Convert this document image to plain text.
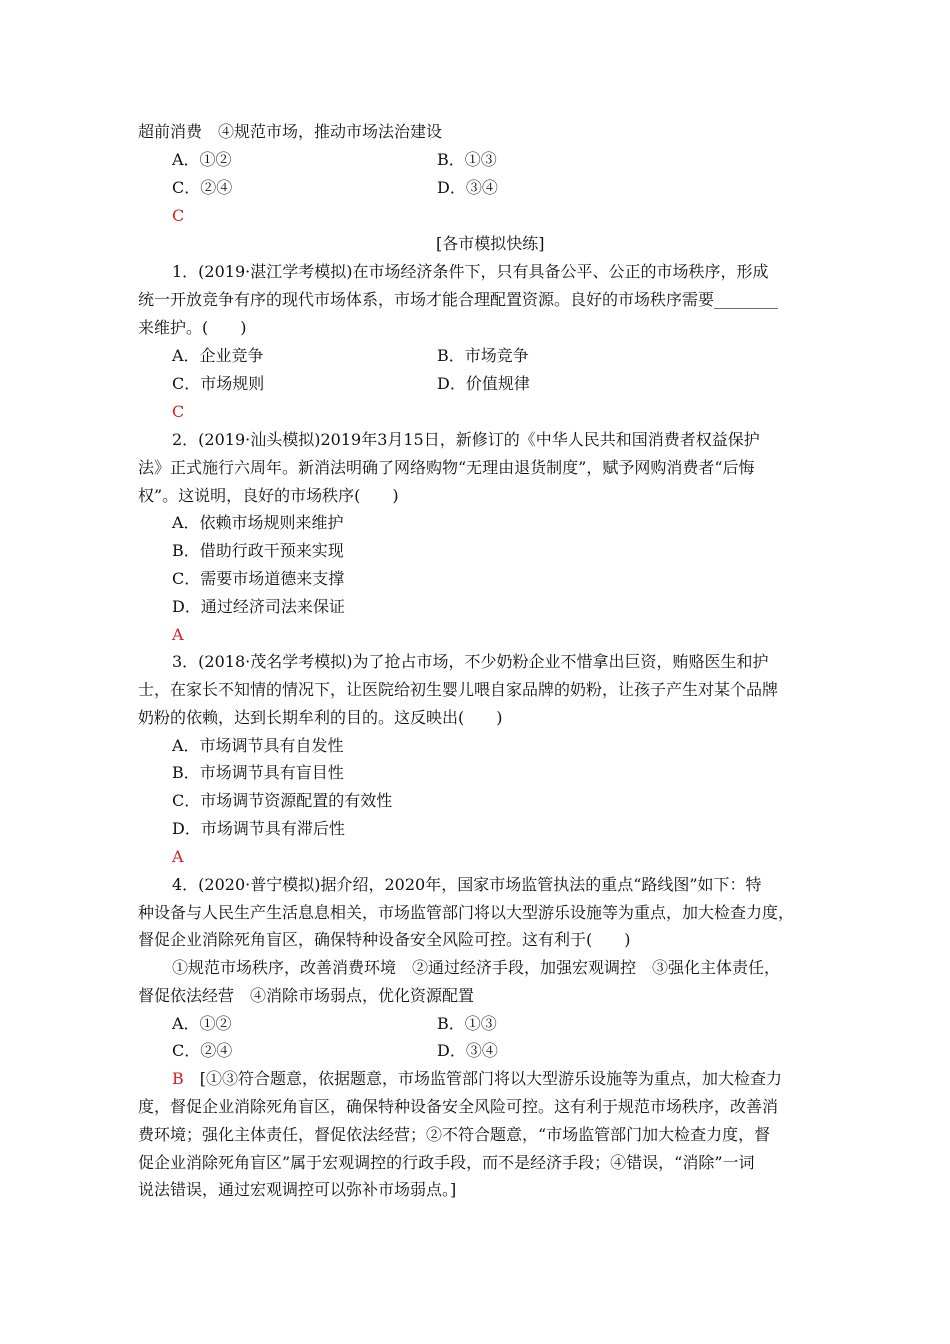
超前消费　④规范市场，推动市场法治建设
A．①②	B．①③
C．②④	D．③④
C
[各市模拟快练]
1．(2019·湛江学考模拟)在市场经济条件下，只有具备公平、公正的市场秩序，形成
统一开放竞争有序的现代市场体系，市场才能合理配置资源。良好的市场秩序需要________
来维护。(　　)
A．企业竞争	B．市场竞争
C．市场规则	D．价值规律
C
2．(2019·汕头模拟)2019年3月15日，新修订的《中华人民共和国消费者权益保护
法》正式施行六周年。新消法明确了网络购物“无理由退货制度”，赋予网购消费者“后悔
权”。这说明，良好的市场秩序(　　)
A．依赖市场规则来维护
B．借助行政干预来实现
C．需要市场道德来支撑
D．通过经济司法来保证
A
3．(2018·茂名学考模拟)为了抢占市场，不少奶粉企业不惜拿出巨资，贿赂医生和护
士，在家长不知情的情况下，让医院给初生婴儿喂自家品牌的奶粉，让孩子产生对某个品牌
奶粉的依赖，达到长期牟利的目的。这反映出(　　)
A．市场调节具有自发性
B．市场调节具有盲目性
C．市场调节资源配置的有效性
D．市场调节具有滞后性
A
4．(2020·普宁模拟)据介绍，2020年，国家市场监管执法的重点“路线图”如下：特
种设备与人民生产生活息息相关，市场监管部门将以大型游乐设施等为重点，加大检查力度，
督促企业消除死角盲区，确保特种设备安全风险可控。这有利于(　　)
①规范市场秩序，改善消费环境　②通过经济手段，加强宏观调控　③强化主体责任，
督促依法经营　④消除市场弱点，优化资源配置
A．①②	B．①③
C．②④	D．③④
B　[①③符合题意，依据题意，市场监管部门将以大型游乐设施等为重点，加大检查力
度，督促企业消除死角盲区，确保特种设备安全风险可控。这有利于规范市场秩序，改善消
费环境；强化主体责任，督促依法经营；②不符合题意，“市场监管部门加大检查力度，督
促企业消除死角盲区”属于宏观调控的行政手段，而不是经济手段；④错误，“消除”一词
说法错误，通过宏观调控可以弥补市场弱点。]
